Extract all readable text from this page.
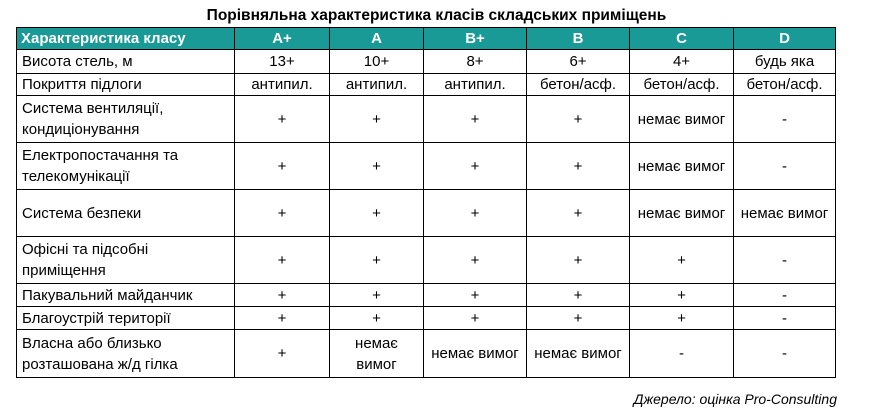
Порівняльна характеристика класів складських приміщень
Характеристика класу	A+	A	B+	B	C	D
Висота стель, м	13+	10+	8+	6+	4+	будь яка
Покриття підлоги	антипил.	антипил.	антипил.	бетон/асф.	бетон/асф.	бетон/асф.
Система вентиляції, кондиціонування	+	+	+	+	немає вимог	-
Електропостачання та телекомунікації	+	+	+	+	немає вимог	-
Система безпеки	+	+	+	+	немає вимог	немає вимог
Офісні та підсобні приміщення	+	+	+	+	+	-
Пакувальний майданчик	+	+	+	+	+	-
Благоустрій території	+	+	+	+	+	-
Власна або близько розташована ж/д гілка	+	немає вимог	немає вимог	немає вимог	-	-
Джерело: оцінка Pro-Consulting
